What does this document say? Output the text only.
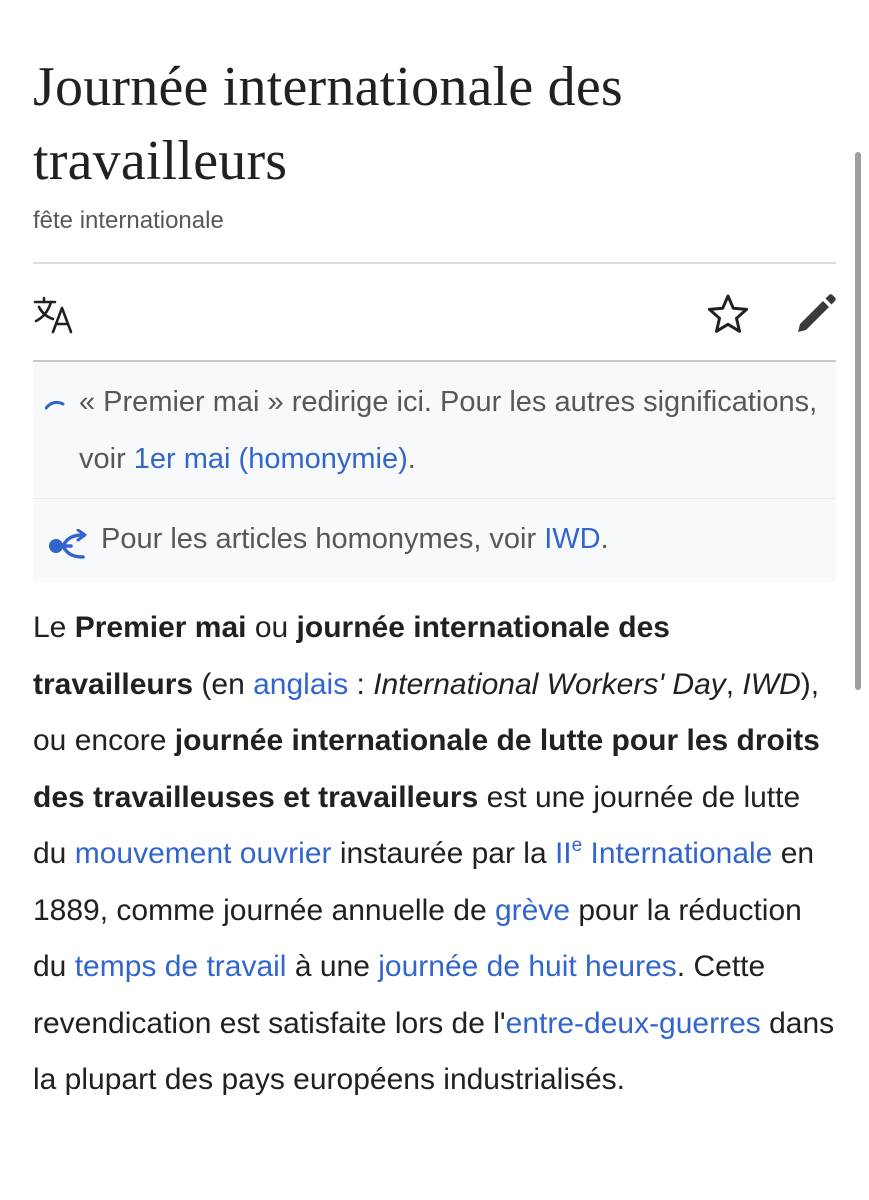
Journée internationale des
travailleurs
fête internationale
« Premier mai » redirige ici. Pour les autres significations, voir 1er mai (homonymie).
Pour les articles homonymes, voir IWD.
Le Premier mai ou journée internationale des travailleurs (en anglais : International Workers' Day, IWD), ou encore journée internationale de lutte pour les droits des travailleuses et travailleurs est une journée de lutte du mouvement ouvrier instaurée par la IIe Internationale en 1889, comme journée annuelle de grève pour la réduction du temps de travail à une journée de huit heures. Cette revendication est satisfaite lors de l'entre-deux-guerres dans la plupart des pays européens industrialisés.
